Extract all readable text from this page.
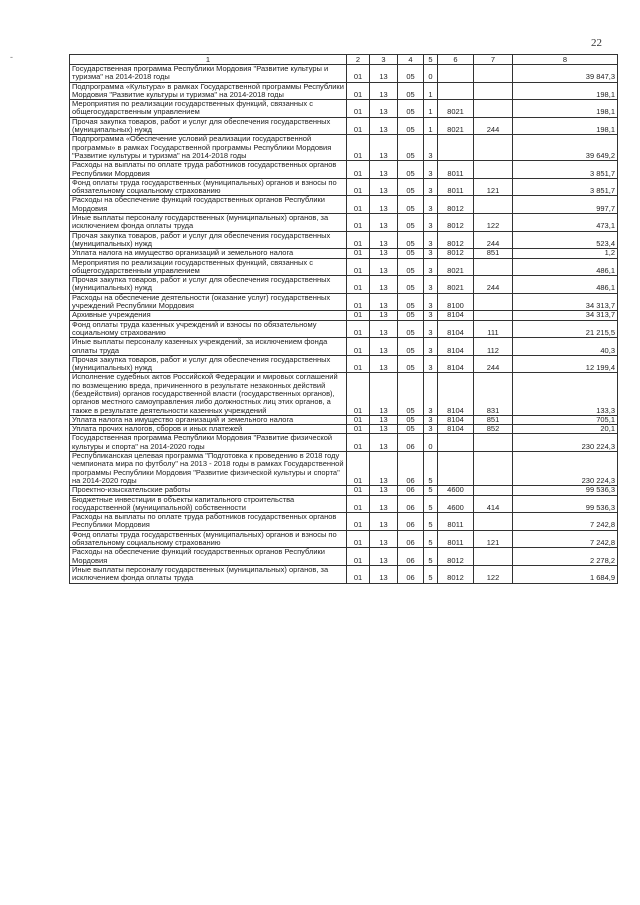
22
-	1	2	3	4	5	6	7	8
Государственная программа Республики Мордовия "Развитие культуры и туризма" на 2014-2018 годы	01	13	05	0			39 847,3
Подпрограмма «Культура» в рамках Государственной программы Республики Мордовия "Развитие культуры и туризма" на 2014-2018 годы	01	13	05	1			198,1
Мероприятия по реализации государственных функций, связанных с общегосударственным управлением	01	13	05	1	8021		198,1
Прочая закупка товаров, работ и услуг для обеспечения государственных (муниципальных) нужд	01	13	05	1	8021	244	198,1
Подпрограмма «Обеспечение условий реализации государственной программы» в рамках Государственной программы Республики Мордовия "Развитие культуры и туризма" на 2014-2018 годы	01	13	05	3			39 649,2
Расходы на выплаты по оплате труда работников государственных органов Республики Мордовия	01	13	05	3	8011		3 851,7
Фонд оплаты труда государственных (муниципальных) органов и взносы по обязательному социальному страхованию	01	13	05	3	8011	121	3 851,7
Расходы на обеспечение функций государственных органов Республики Мордовия	01	13	05	3	8012		997,7
Иные выплаты персоналу государственных (муниципальных) органов, за исключением фонда оплаты труда	01	13	05	3	8012	122	473,1
Прочая закупка товаров, работ и услуг для обеспечения государственных (муниципальных) нужд	01	13	05	3	8012	244	523,4
Уплата налога на имущество организаций и земельного налога	01	13	05	3	8012	851	1,2
Мероприятия по реализации государственных функций, связанных с общегосударственным управлением	01	13	05	3	8021		486,1
Прочая закупка товаров, работ и услуг для обеспечения государственных (муниципальных) нужд	01	13	05	3	8021	244	486,1
Расходы на обеспечение деятельности (оказание услуг) государственных учреждений Республики Мордовия	01	13	05	3	8100		34 313,7
Архивные учреждения	01	13	05	3	8104		34 313,7
Фонд оплаты труда казенных учреждений и взносы по обязательному социальному страхованию	01	13	05	3	8104	111	21 215,5
Иные выплаты персоналу казенных учреждений, за исключением фонда оплаты труда	01	13	05	3	8104	112	40,3
Прочая закупка товаров, работ и услуг для обеспечения государственных (муниципальных) нужд	01	13	05	3	8104	244	12 199,4
Исполнение судебных актов Российской Федерации и мировых соглашений по возмещению вреда, причиненного в результате незаконных действий (бездействия) органов государственной власти (государственных органов), органов местного самоуправления либо должностных лиц этих органов, а также в результате деятельности казенных учреждений	01	13	05	3	8104	831	133,3
Уплата налога на имущество организаций и земельного налога	01	13	05	3	8104	851	705,1
Уплата прочих налогов, сборов и иных платежей	01	13	05	3	8104	852	20,1
Государственная программа Республики Мордовия "Развитие физической культуры и спорта" на 2014-2020 годы	01	13	06	0			230 224,3
Республиканская целевая программа "Подготовка к проведению в 2018 году чемпионата мира по футболу" на 2013 - 2018 годы в рамках Государственной программы Республики Мордовия "Развитие физической культуры и спорта" на 2014-2020 годы	01	13	06	5			230 224,3
Проектно-изыскательские работы	01	13	06	5	4600		99 536,3
Бюджетные инвестиции в объекты капитального строительства государственной (муниципальной) собственности	01	13	06	5	4600	414	99 536,3
Расходы на выплаты по оплате труда работников государственных органов Республики Мордовия	01	13	06	5	8011		7 242,8
Фонд оплаты труда государственных (муниципальных) органов и взносы по обязательному социальному страхованию	01	13	06	5	8011	121	7 242,8
Расходы на обеспечение функций государственных органов Республики Мордовия	01	13	06	5	8012		2 278,2
Иные выплаты персоналу государственных (муниципальных) органов, за исключением фонда оплаты труда	01	13	06	5	8012	122	1 684,9
